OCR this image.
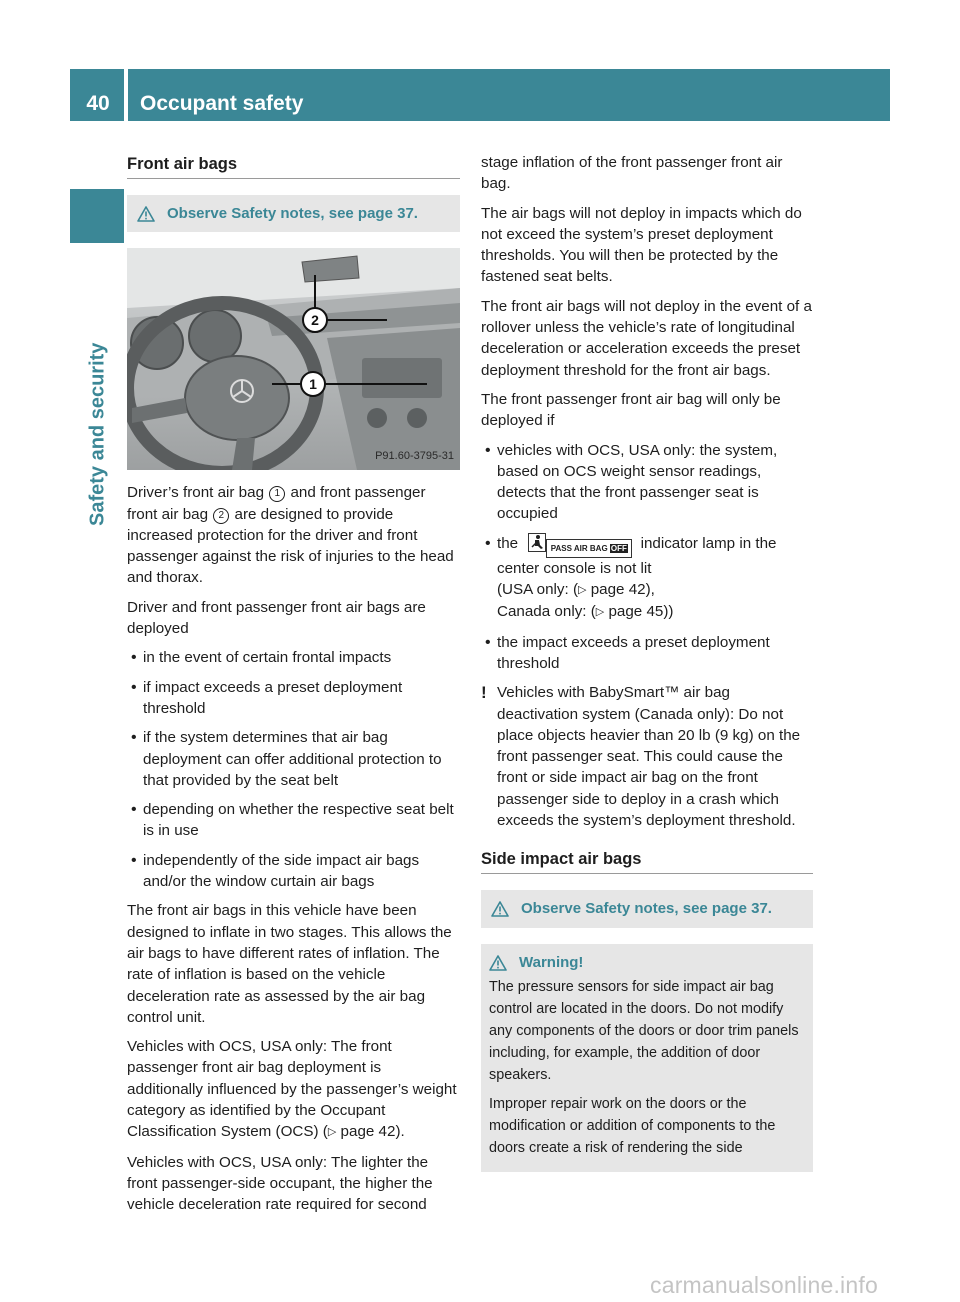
40	Occupant safety
Safety and security
Front air bags
Observe Safety notes, see page 37.
2
1
P91.60-3795-31

Driver’s front air bag 1 and front passenger front air bag 2 are designed to provide increased protection for the driver and front passenger against the risk of injuries to the head and thorax.

Driver and front passenger front air bags are deployed

• in the event of certain frontal impacts
• if impact exceeds a preset deployment threshold
• if the system determines that air bag deployment can offer additional protection to that provided by the seat belt
• depending on whether the respective seat belt is in use
• independently of the side impact air bags and/or the window curtain air bags

The front air bags in this vehicle have been designed to inflate in two stages. This allows the air bags to have different rates of inflation. The rate of inflation is based on the vehicle deceleration rate as assessed by the air bag control unit.

Vehicles with OCS, USA only: The front passenger front air bag deployment is additionally influenced by the passenger’s weight category as identified by the Occupant Classification System (OCS) (▷ page 42).

Vehicles with OCS, USA only: The lighter the front passenger-side occupant, the higher the vehicle deceleration rate required for second

stage inflation of the front passenger front air bag.

The air bags will not deploy in impacts which do not exceed the system’s preset deployment thresholds. You will then be protected by the fastened seat belts.

The front air bags will not deploy in the event of a rollover unless the vehicle’s rate of longitudinal deceleration or acceleration exceeds the preset deployment threshold for the front air bags.

The front passenger front air bag will only be deployed if

• vehicles with OCS, USA only: the system, based on OCS weight sensor readings, detects that the front passenger seat is occupied
• the	PASS AIR BAG OFF indicator lamp in the center console is not lit
(USA only: (▷ page 42),
Canada only: (▷ page 45))
• the impact exceeds a preset deployment threshold
! Vehicles with BabySmart™ air bag deactivation system (Canada only): Do not place objects heavier than 20 lb (9 kg) on the front passenger seat. This could cause the front or side impact air bag on the front passenger side to deploy in a crash which exceeds the system’s deployment threshold.
Side impact air bags
Observe Safety notes, see page 37.
Warning!

The pressure sensors for side impact air bag control are located in the doors. Do not modify any components of the doors or door trim panels including, for example, the addition of door speakers.

Improper repair work on the doors or the modification or addition of components to the doors create a risk of rendering the side

carmanualsonline.info
